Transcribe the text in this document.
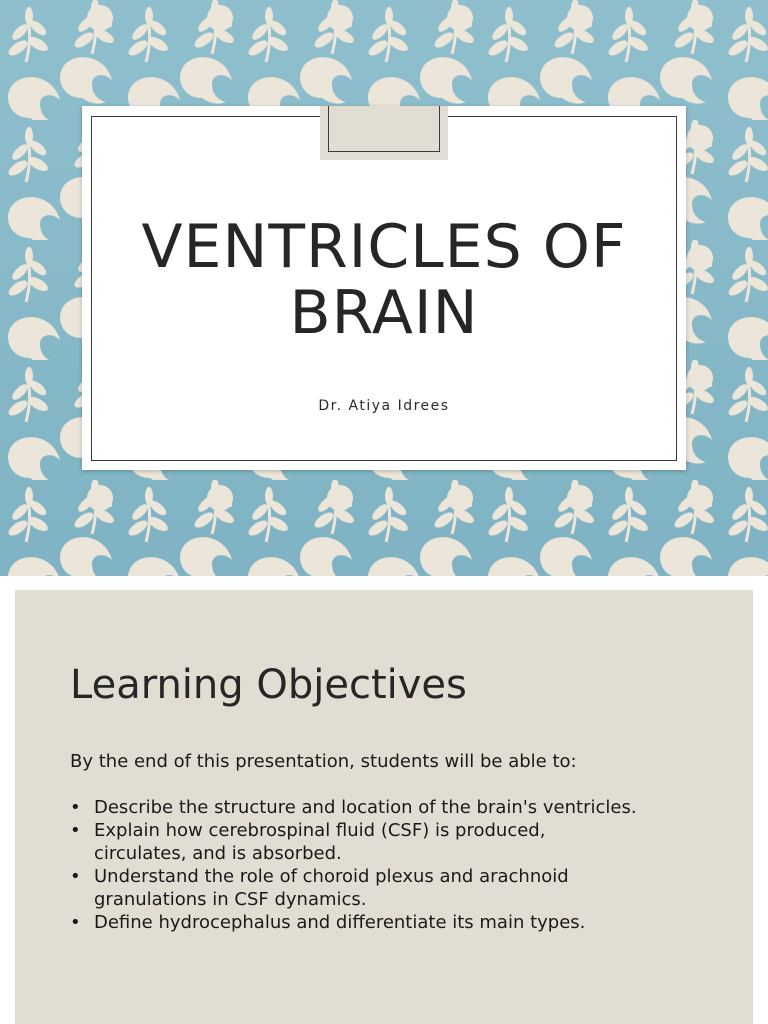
VENTRICLES OF BRAIN
Dr. Atiya Idrees
Learning Objectives
By the end of this presentation, students will be able to:
• Describe the structure and location of the brain's ventricles.
• Explain how cerebrospinal fluid (CSF) is produced, circulates, and is absorbed.
• Understand the role of choroid plexus and arachnoid granulations in CSF dynamics.
• Define hydrocephalus and differentiate its main types.
